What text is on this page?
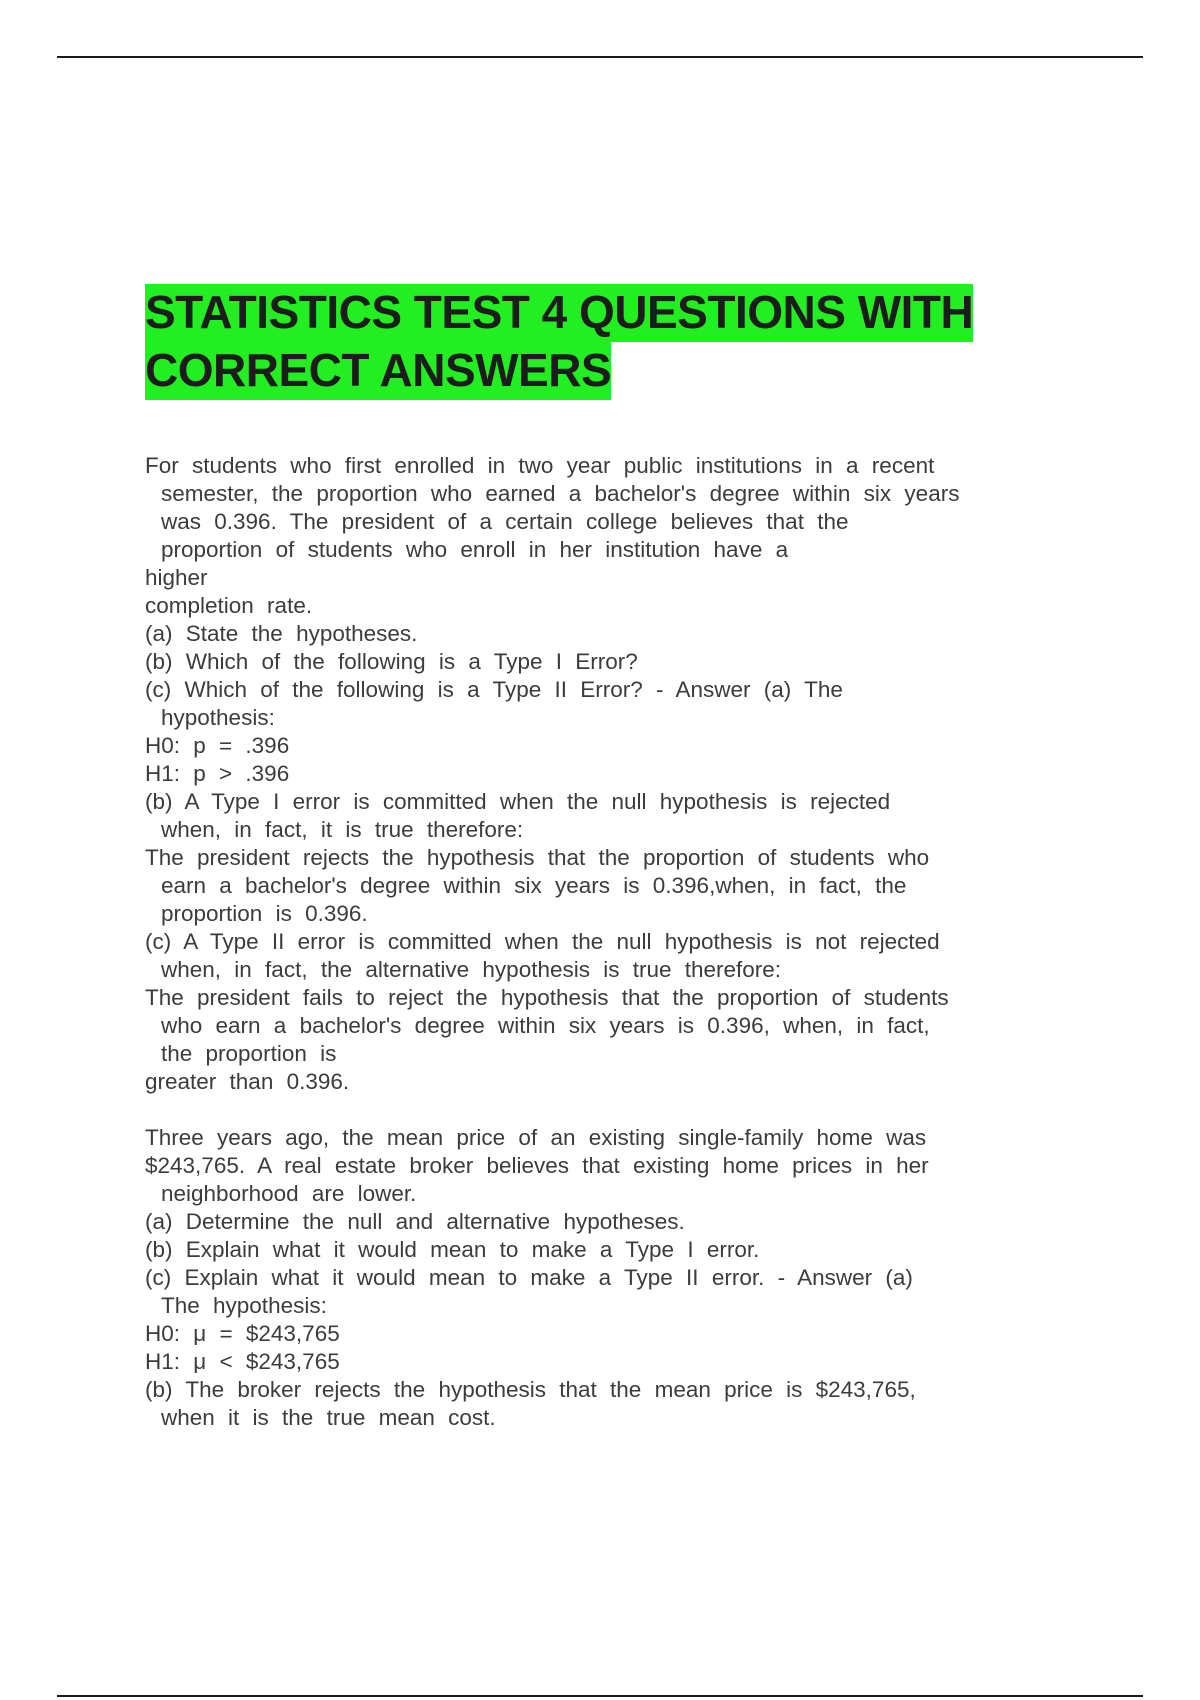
STATISTICS TEST 4 QUESTIONS WITH
CORRECT ANSWERS
For students who first enrolled in two year public institutions in a recent
semester, the proportion who earned a bachelor's degree within six years
was 0.396. The president of a certain college believes that the
proportion of students who enroll in her institution have a
higher
completion rate.
(a) State the hypotheses.
(b) Which of the following is a Type I Error?
(c) Which of the following is a Type II Error? - Answer (a) The
hypothesis:
H0: p = .396
H1: p > .396
(b) A Type I error is committed when the null hypothesis is rejected
when, in fact, it is true therefore:
The president rejects the hypothesis that the proportion of students who
earn a bachelor's degree within six years is 0.396,when, in fact, the
proportion is 0.396.
(c) A Type II error is committed when the null hypothesis is not rejected
when, in fact, the alternative hypothesis is true therefore:
The president fails to reject the hypothesis that the proportion of students
who earn a bachelor's degree within six years is 0.396, when, in fact,
the proportion is
greater than 0.396.
Three years ago, the mean price of an existing single-family home was
$243,765. A real estate broker believes that existing home prices in her
neighborhood are lower.
(a) Determine the null and alternative hypotheses.
(b) Explain what it would mean to make a Type I error.
(c) Explain what it would mean to make a Type II error. - Answer (a)
The hypothesis:
H0: μ = $243,765
H1: μ < $243,765
(b) The broker rejects the hypothesis that the mean price is $243,765,
when it is the true mean cost.
